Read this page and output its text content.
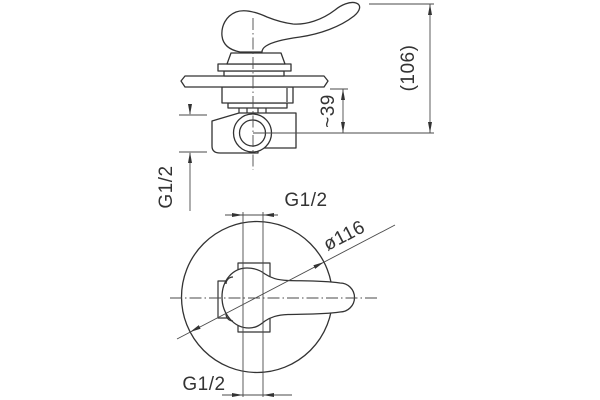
(106)
~39
G1/2
ø116
G1/2
G1/2
